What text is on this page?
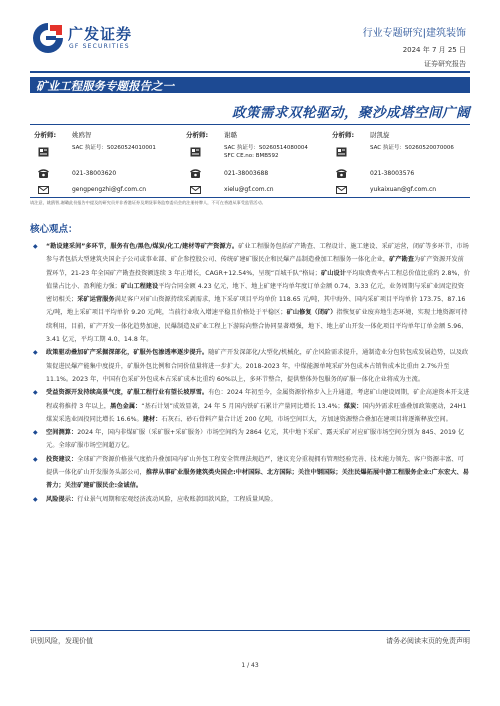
广发证券
GF SECURITIES
行业专题研究|建筑装饰
2024 年 7 月 25 日
证券研究报告
矿业工程服务专题报告之一
政策需求双轮驱动，聚沙成塔空间广阔
分析师: 姚鸥智
SAC 执证号：S0260524010001
021-38003620
gengpengzhi@gf.com.cn
分析师: 谢璐
SAC 执证号：S0260514080004
SFC CE.no: BMB592
021-38003688
xielu@gf.com.cn
分析师: 尉凯旋
SAC 执证号：S0260520070006
021-38003576
yukaixuan@gf.com.cn
请注意，姚鸥智,谢璐此份报告中提及的研究员并非香港证券及期货事务监察委员会的注册持牌人，不可在香港从事受监管活动。
核心观点：

◆ “勘设建采间”多环节，服务有色/黑色/煤炭/化工/建材等矿产资源方。矿业工程服务包括矿产勘查、工程设计、施工建设、采矿运营，闭矿等多环节，市场参与者包括大型建筑央国企子公司或事业部、矿企参控股公司、传统矿建矿服民企和民爆产品制造叠加工程服务一体化企业，矿产勘查为矿产资源开发前置环节，21-23 年全国矿产勘查投资额连续 3 年正增长，CAGR+12.54%，呈现“百城千队”格局；矿山设计平均取费费率占工程总价值比重约 2.8%，价值量占比小、盈利能力强；矿山工程建设平均合同金额 4.23 亿元，地下、地上矿建平均单年度订单金额 0.74、3.33 亿元，业务周期与采矿业固定投资密切相关；采矿运营服务满足客户对矿山资源持续采剥需求，地下采矿项目平均单价 118.65 元/吨，其中海外、国内采矿项目平均单价 173.75、87.16 元/吨，地上采矿项目平均单价 9.20 元/吨，当前行业收入增速平稳且价格处于平稳区；矿山修复（闭矿）指恢复矿业废弃地生态环境，实现土地资源可持续利用，目前，矿产开发一体化趋势加速，民爆制造及矿业工程上下游际向整合协同显著增强，地下、地上矿山开发一体化项目平均单年订单金额 5.96、3.41 亿元，平均工期 4.0、14.8 年。

◆ 政策驱动叠加矿产采掘深部化，矿服外包渗透率逐步提升。随矿产开发深部化/大型化/机械化，矿企风险需求提升，通制造业分包转包成发展趋势，以及政策促进民爆产能集中度提升，矿服外包比例和合同价值量将进一步扩大。2018-2023 年，中煤能源单吨采矿外包成本占销售成本比重由 2.7%升至 11.1%。2023 年，中国有色采矿外包成本占采矿成本比重约 60%以上，多环节整合，提供整体外包服务的矿服一体化企业将成为主流。

◆ 受益资源开发持续高景气度，矿服工程行业有望长坡厚雪。有色：2024 年初至今，金属资源价格步入上升通道，考虑矿山建设周期，矿企高速资本开支进程或将推持 3 年以上，黑色金属：“基石计划”成效显著，24 年 5 月国内铁矿石累计产量同比增长 13.4%；煤炭：国内外需求旺盛叠加政策驱动，24H1 煤炭采选业固投同比增长 16.6%。建材：石灰石、砂石骨料产量合计近 200 亿吨，市场空间巨大，方加速资源整合叠加在建项目将逐渐释放空间。

◆ 空间测算：2024 年，国内非煤矿服（采矿服+采矿服务）市场空间约为 2864 亿元，其中地下采矿、露天采矿对应矿服市场空间分别为 845、2019 亿元。全球矿服市场空间超万亿。

◆ 投资建议：全球矿产资源价格景气度抬升叠加国内矿山外包工程安全管理法规趋严，建议充分重视拥有管理经验完善、技术能力领先、客户资源丰富、可提供一体化矿山开发服务头部公司，推荐从事矿业服务建筑类央国企:中材国际、北方国际；关注中钢国际；关注民爆拓展中游工程服务企业:广东宏大、易普力；关注矿建矿服民企:金诚信。

◆ 风险提示：行业景气周期和宏观经济波动风险，应收账款回款风险，工程质量风险。

识别风险，发现价值	请务必阅读末页的免责声明
1 / 43
